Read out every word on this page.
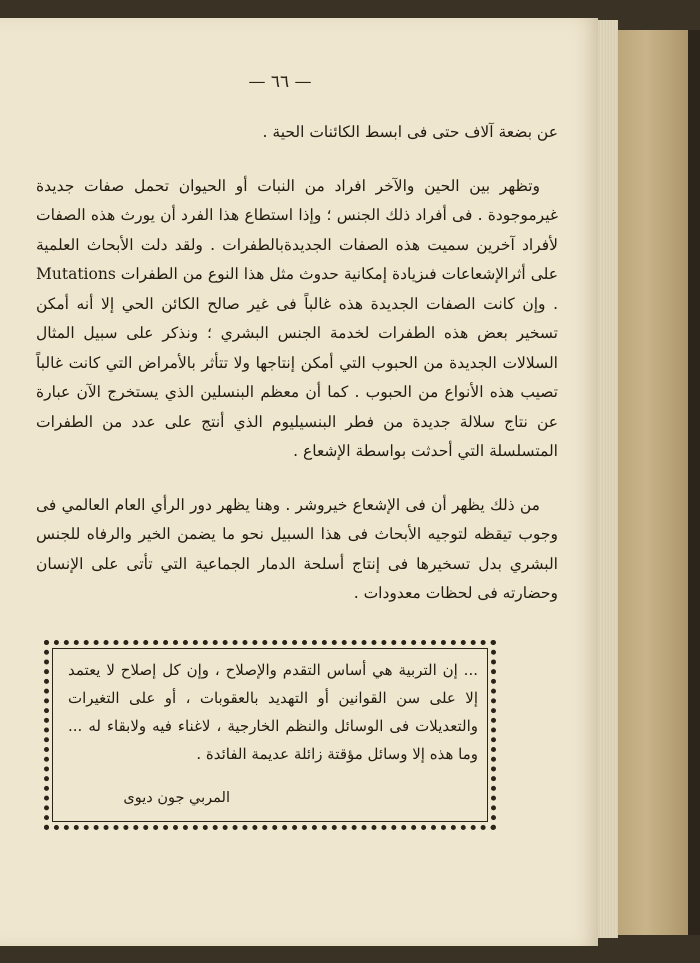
— ٦٦ —

عن بضعة آلاف حتى فى ابسط الكائنات الحية .

وتظهر بين الحين والآخر افراد من النبات أو الحيوان تحمل صفات جديدة غيرموجودة . فى أفراد ذلك الجنس ؛ وإذا استطاع هذا الفرد أن يورث هذه الصفات لأفراد آخرين سميت هذه الصفات الجديدةبالطفرات . ولقد دلت الأبحاث العلمية على أثرالإشعاعات فىزيادة إمكانية حدوث مثل هذا النوع من الطفرات Mutations . وإن كانت الصفات الجديدة هذه غالباً فى غير صالح الكائن الحي إلا أنه أمكن تسخير بعض هذه الطفرات لخدمة الجنس البشري ؛ ونذكر على سبيل المثال السلالات الجديدة من الحبوب التي أمكن إنتاجها ولا تتأثر بالأمراض التي كانت غالباً تصيب هذه الأنواع من الحبوب . كما أن معظم البنسلين الذي يستخرج الآن عبارة عن نتاج سلالة جديدة من فطر البنسيليوم الذي أنتج على عدد من الطفرات المتسلسلة التي أحدثت بواسطة الإشعاع .

من ذلك يظهر أن فى الإشعاع خيروشر . وهنا يظهر دور الرأي العام العالمي فى وجوب تيقظه لتوجيه الأبحاث فى هذا السبيل نحو ما يضمن الخير والرفاه للجنس البشري بدل تسخيرها فى إنتاج أسلحة الدمار الجماعية التي تأتى على الإنسان وحضارته فى لحظات معدودات .

... إن التربية هي أساس التقدم والإصلاح ، وإن كل إصلاح لا يعتمد إلا على سن القوانين أو التهديد بالعقوبات ، أو على التغيرات والتعديلات فى الوسائل والنظم الخارجية ، لاغناء فيه ولابقاء له ... وما هذه إلا وسائل مؤقتة زائلة عديمة الفائدة .

المربي جون ديوى
